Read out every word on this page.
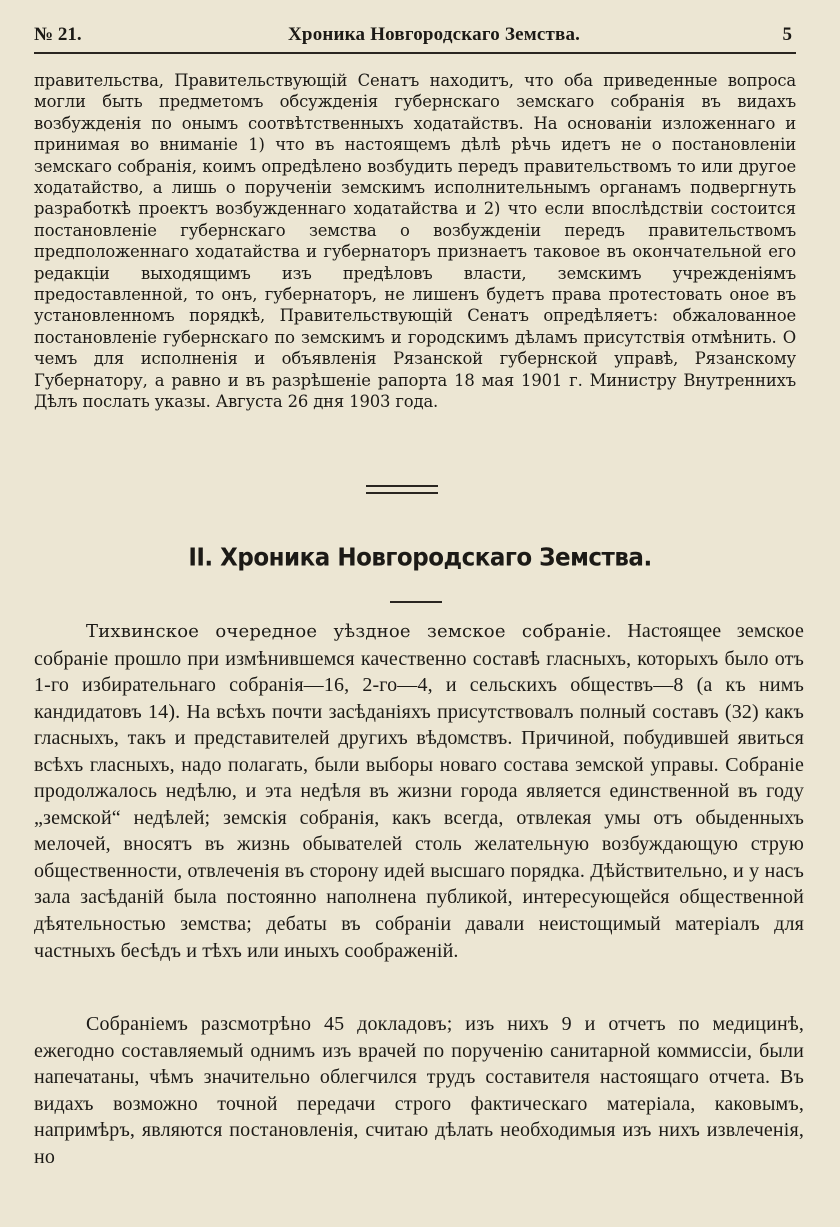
№ 21.	Хроника Новгородскаго Земства.	5

правительства, Правительствующій Сенатъ находитъ, что оба приведенные вопроса могли быть предметомъ обсужденія губернскаго земскаго собранія въ видахъ возбужденія по онымъ соотвѣтственныхъ ходатайствъ. На основаніи изложеннаго и принимая во вниманіе 1) что въ настоящемъ дѣлѣ рѣчь идетъ не о постановленіи земскаго собранія, коимъ опредѣлено возбудить передъ правительствомъ то или другое ходатайство, а лишь о порученіи земскимъ исполнительнымъ органамъ подвергнуть разработкѣ проектъ возбужденнаго ходатайства и 2) что если впослѣдствіи состоится постановленіе губернскаго земства о возбужденіи передъ правительствомъ предположеннаго ходатайства и губернаторъ признаетъ таковое въ окончательной его редакціи выходящимъ изъ предѣловъ власти, земскимъ учрежденіямъ предоставленной, то онъ, губернаторъ, не лишенъ будетъ права протестовать оное въ установленномъ порядкѣ, Правительствующій Сенатъ опредѣляетъ: обжалованное постановленіе губернскаго по земскимъ и городскимъ дѣламъ присутствія отмѣнить. О чемъ для исполненія и объявленія Рязанской губернской управѣ, Рязанскому Губернатору, а равно и въ разрѣшеніе рапорта 18 мая 1901 г. Министру Внутреннихъ Дѣлъ послать указы. Августа 26 дня 1903 года.

II. Хроника Новгородскаго Земства.

Тихвинское очередное уѣздное земское собраніе. Настоящее земское собраніе прошло при измѣнившемся качественно составѣ гласныхъ, которыхъ было отъ 1-го избирательнаго собранія—16, 2-го—4, и сельскихъ обществъ—8 (а къ нимъ кандидатовъ 14). На всѣхъ почти засѣданіяхъ присутствовалъ полный составъ (32) какъ гласныхъ, такъ и представителей другихъ вѣдомствъ. Причиной, побудившей явиться всѣхъ гласныхъ, надо полагать, были выборы новаго состава земской управы. Собраніе продолжалось недѣлю, и эта недѣля въ жизни города является единственной въ году „земской“ недѣлей; земскія собранія, какъ всегда, отвлекая умы отъ обыденныхъ мелочей, вносятъ въ жизнь обывателей столь желательную возбуждающую струю общественности, отвлеченія въ сторону идей высшаго порядка. Дѣйствительно, и у насъ зала засѣданій была постоянно наполнена публикой, интересующейся общественной дѣятельностью земства; дебаты въ собраніи давали неистощимый матеріалъ для частныхъ бесѣдъ и тѣхъ или иныхъ соображеній.

Собраніемъ разсмотрѣно 45 докладовъ; изъ нихъ 9 и отчетъ по медицинѣ, ежегодно составляемый однимъ изъ врачей по порученію санитарной коммиссіи, были напечатаны, чѣмъ значительно облегчился трудъ составителя настоящаго отчета. Въ видахъ возможно точной передачи строго фактическаго матеріала, каковымъ, напримѣръ, являются постановленія, считаю дѣлать необходимыя изъ нихъ извлеченія, но
